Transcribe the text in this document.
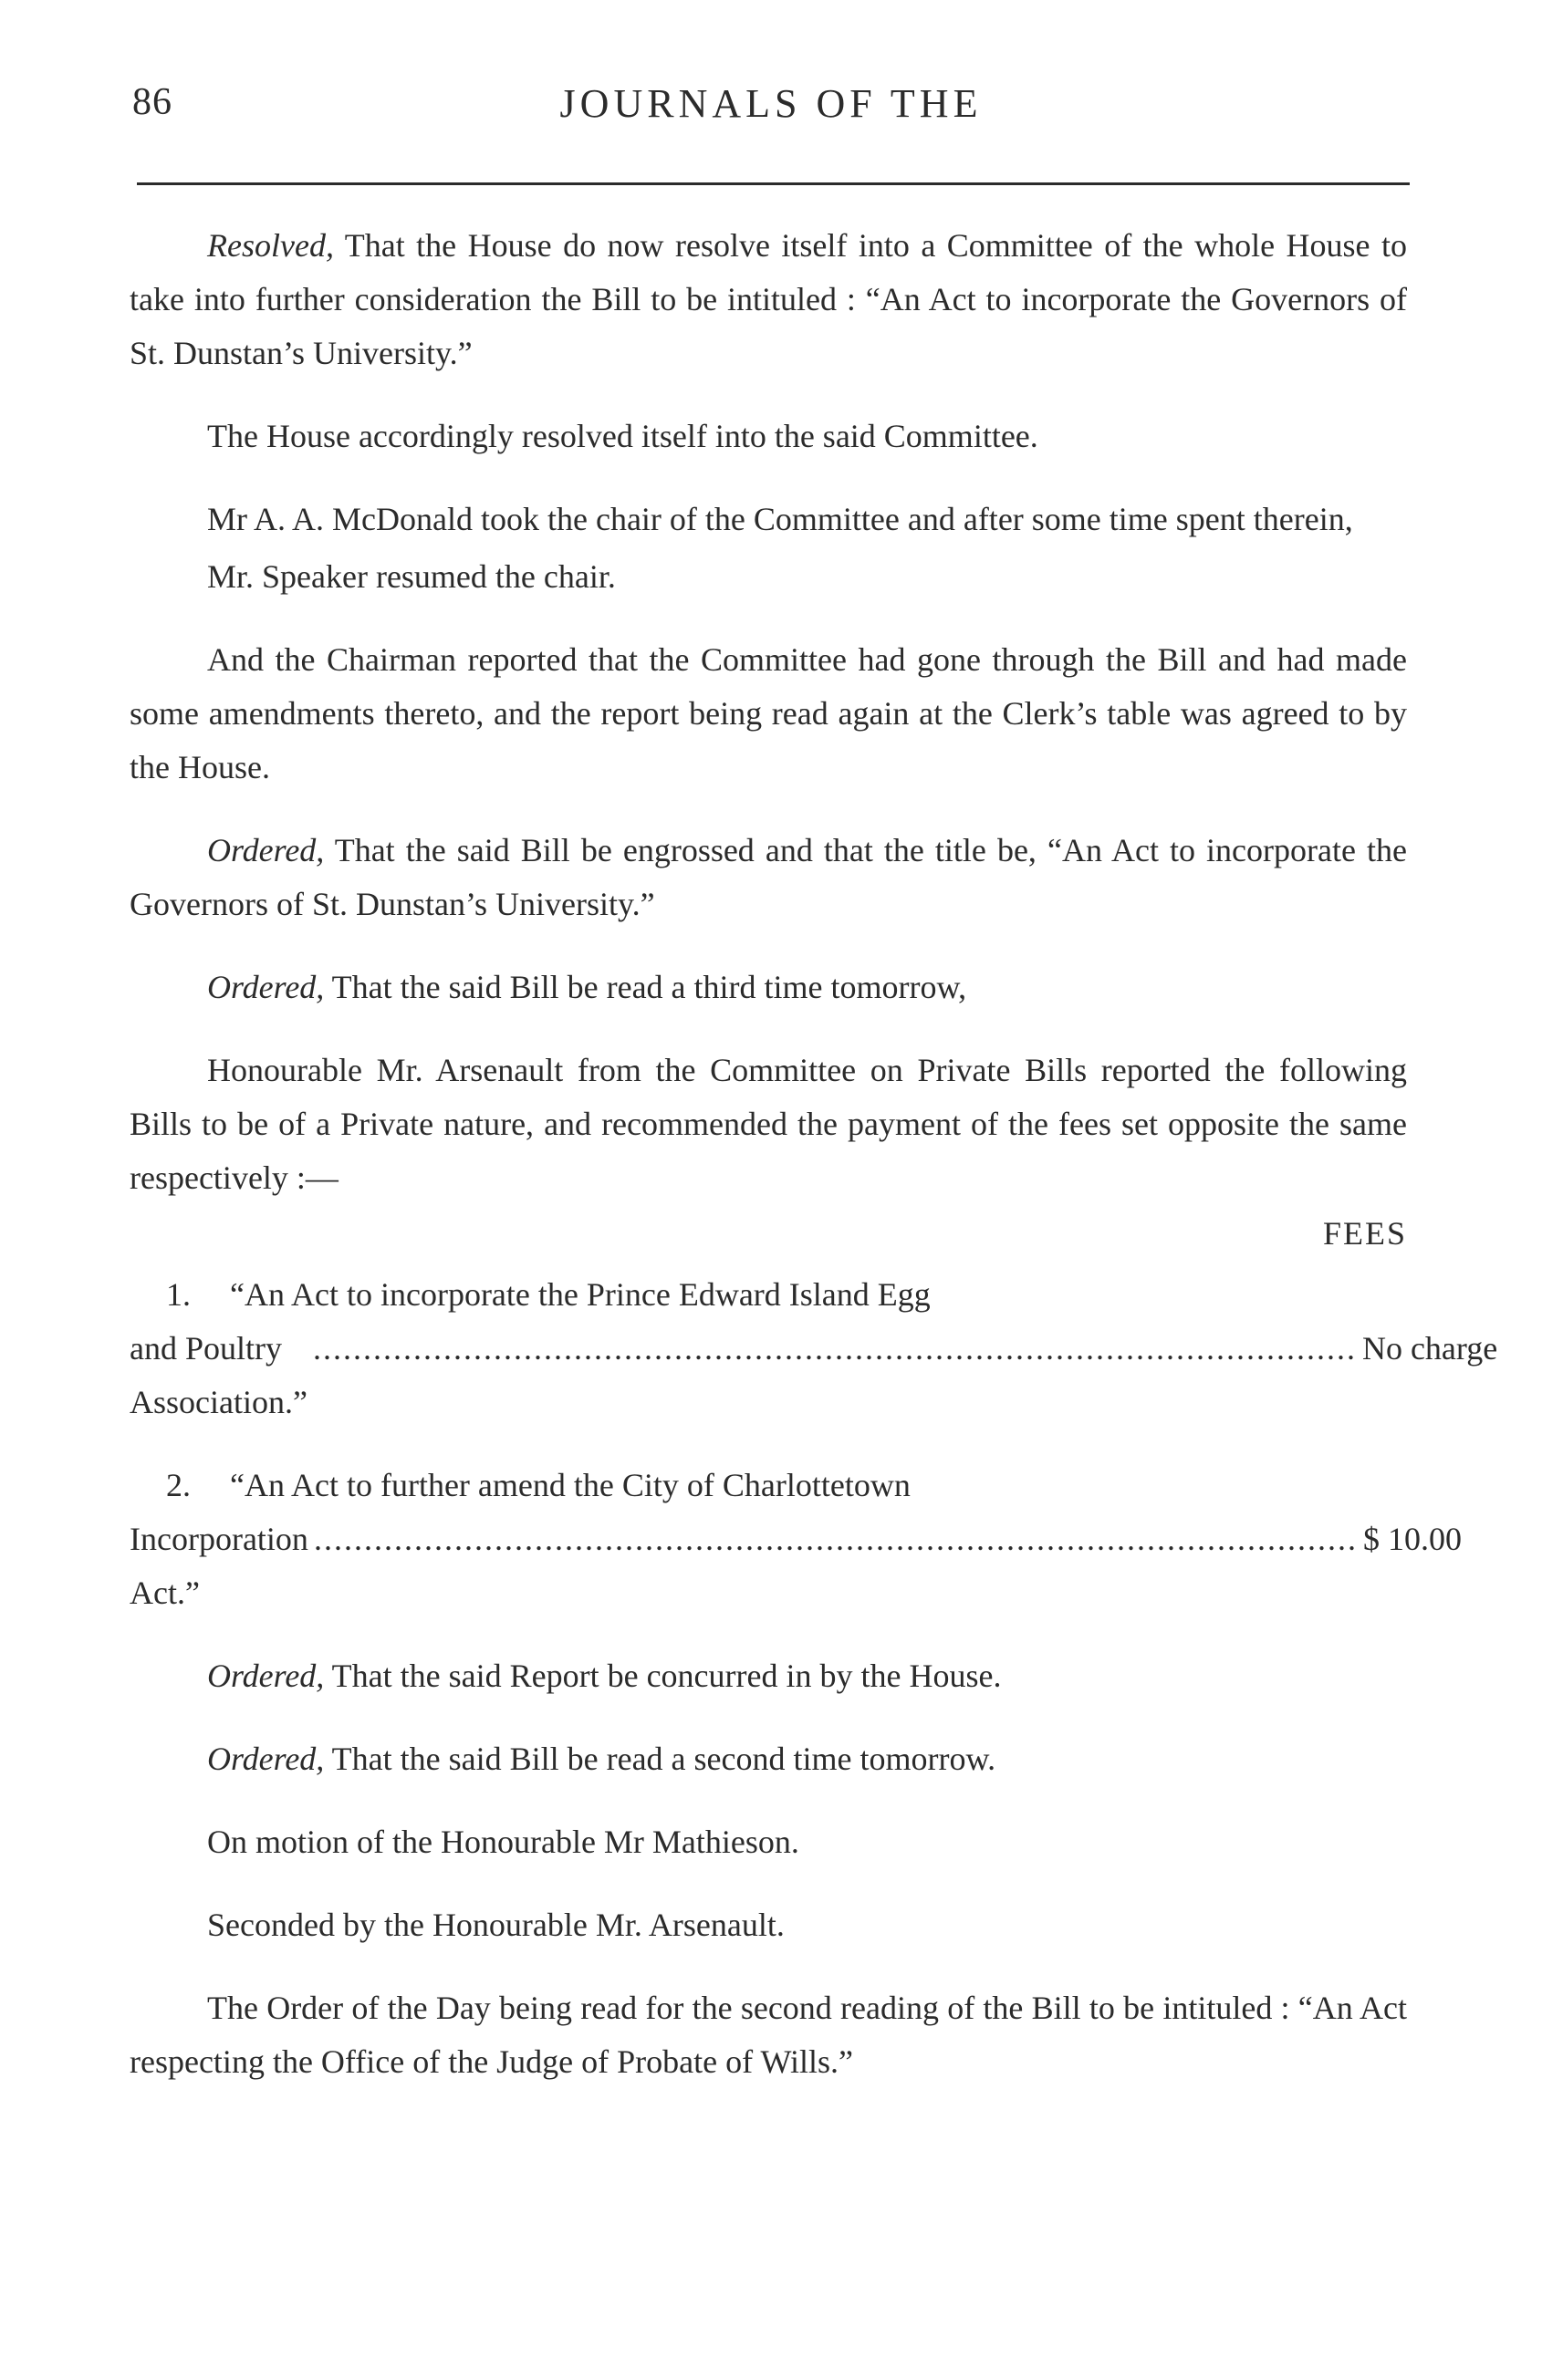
86	JOURNALS OF THE

Resolved, That the House do now resolve itself into a Committee of the whole House to take into further consideration the Bill to be intituled : “An Act to incorporate the Governors of St. Dunstan’s University.”

The House accordingly resolved itself into the said Committee.

Mr A. A. McDonald took the chair of the Committee and after some time spent therein,

Mr. Speaker resumed the chair.

And the Chairman reported that the Committee had gone through the Bill and had made some amendments thereto, and the report being read again at the Clerk’s table was agreed to by the House.

Ordered, That the said Bill be engrossed and that the title be, “An Act to incorporate the Governors of St. Dunstan’s University.”

Ordered, That the said Bill be read a third time tomorrow,

Honourable Mr. Arsenault from the Committee on Private Bills reported the following Bills to be of a Private nature, and recommended the payment of the fees set opposite the same respectively :—

FEES
1. “An Act to incorporate the Prince Edward Island Egg
and Poultry Association.”
........................................................................................................ No charge
2. “An Act to further amend the City of Charlottetown
Incorporation Act.”
........................................................................................................ $ 10.00

Ordered, That the said Report be concurred in by the House.

Ordered, That the said Bill be read a second time tomorrow.

On motion of the Honourable Mr Mathieson.

Seconded by the Honourable Mr. Arsenault.

The Order of the Day being read for the second reading of the Bill to be intituled : “An Act respecting the Office of the Judge of Probate of Wills.”
